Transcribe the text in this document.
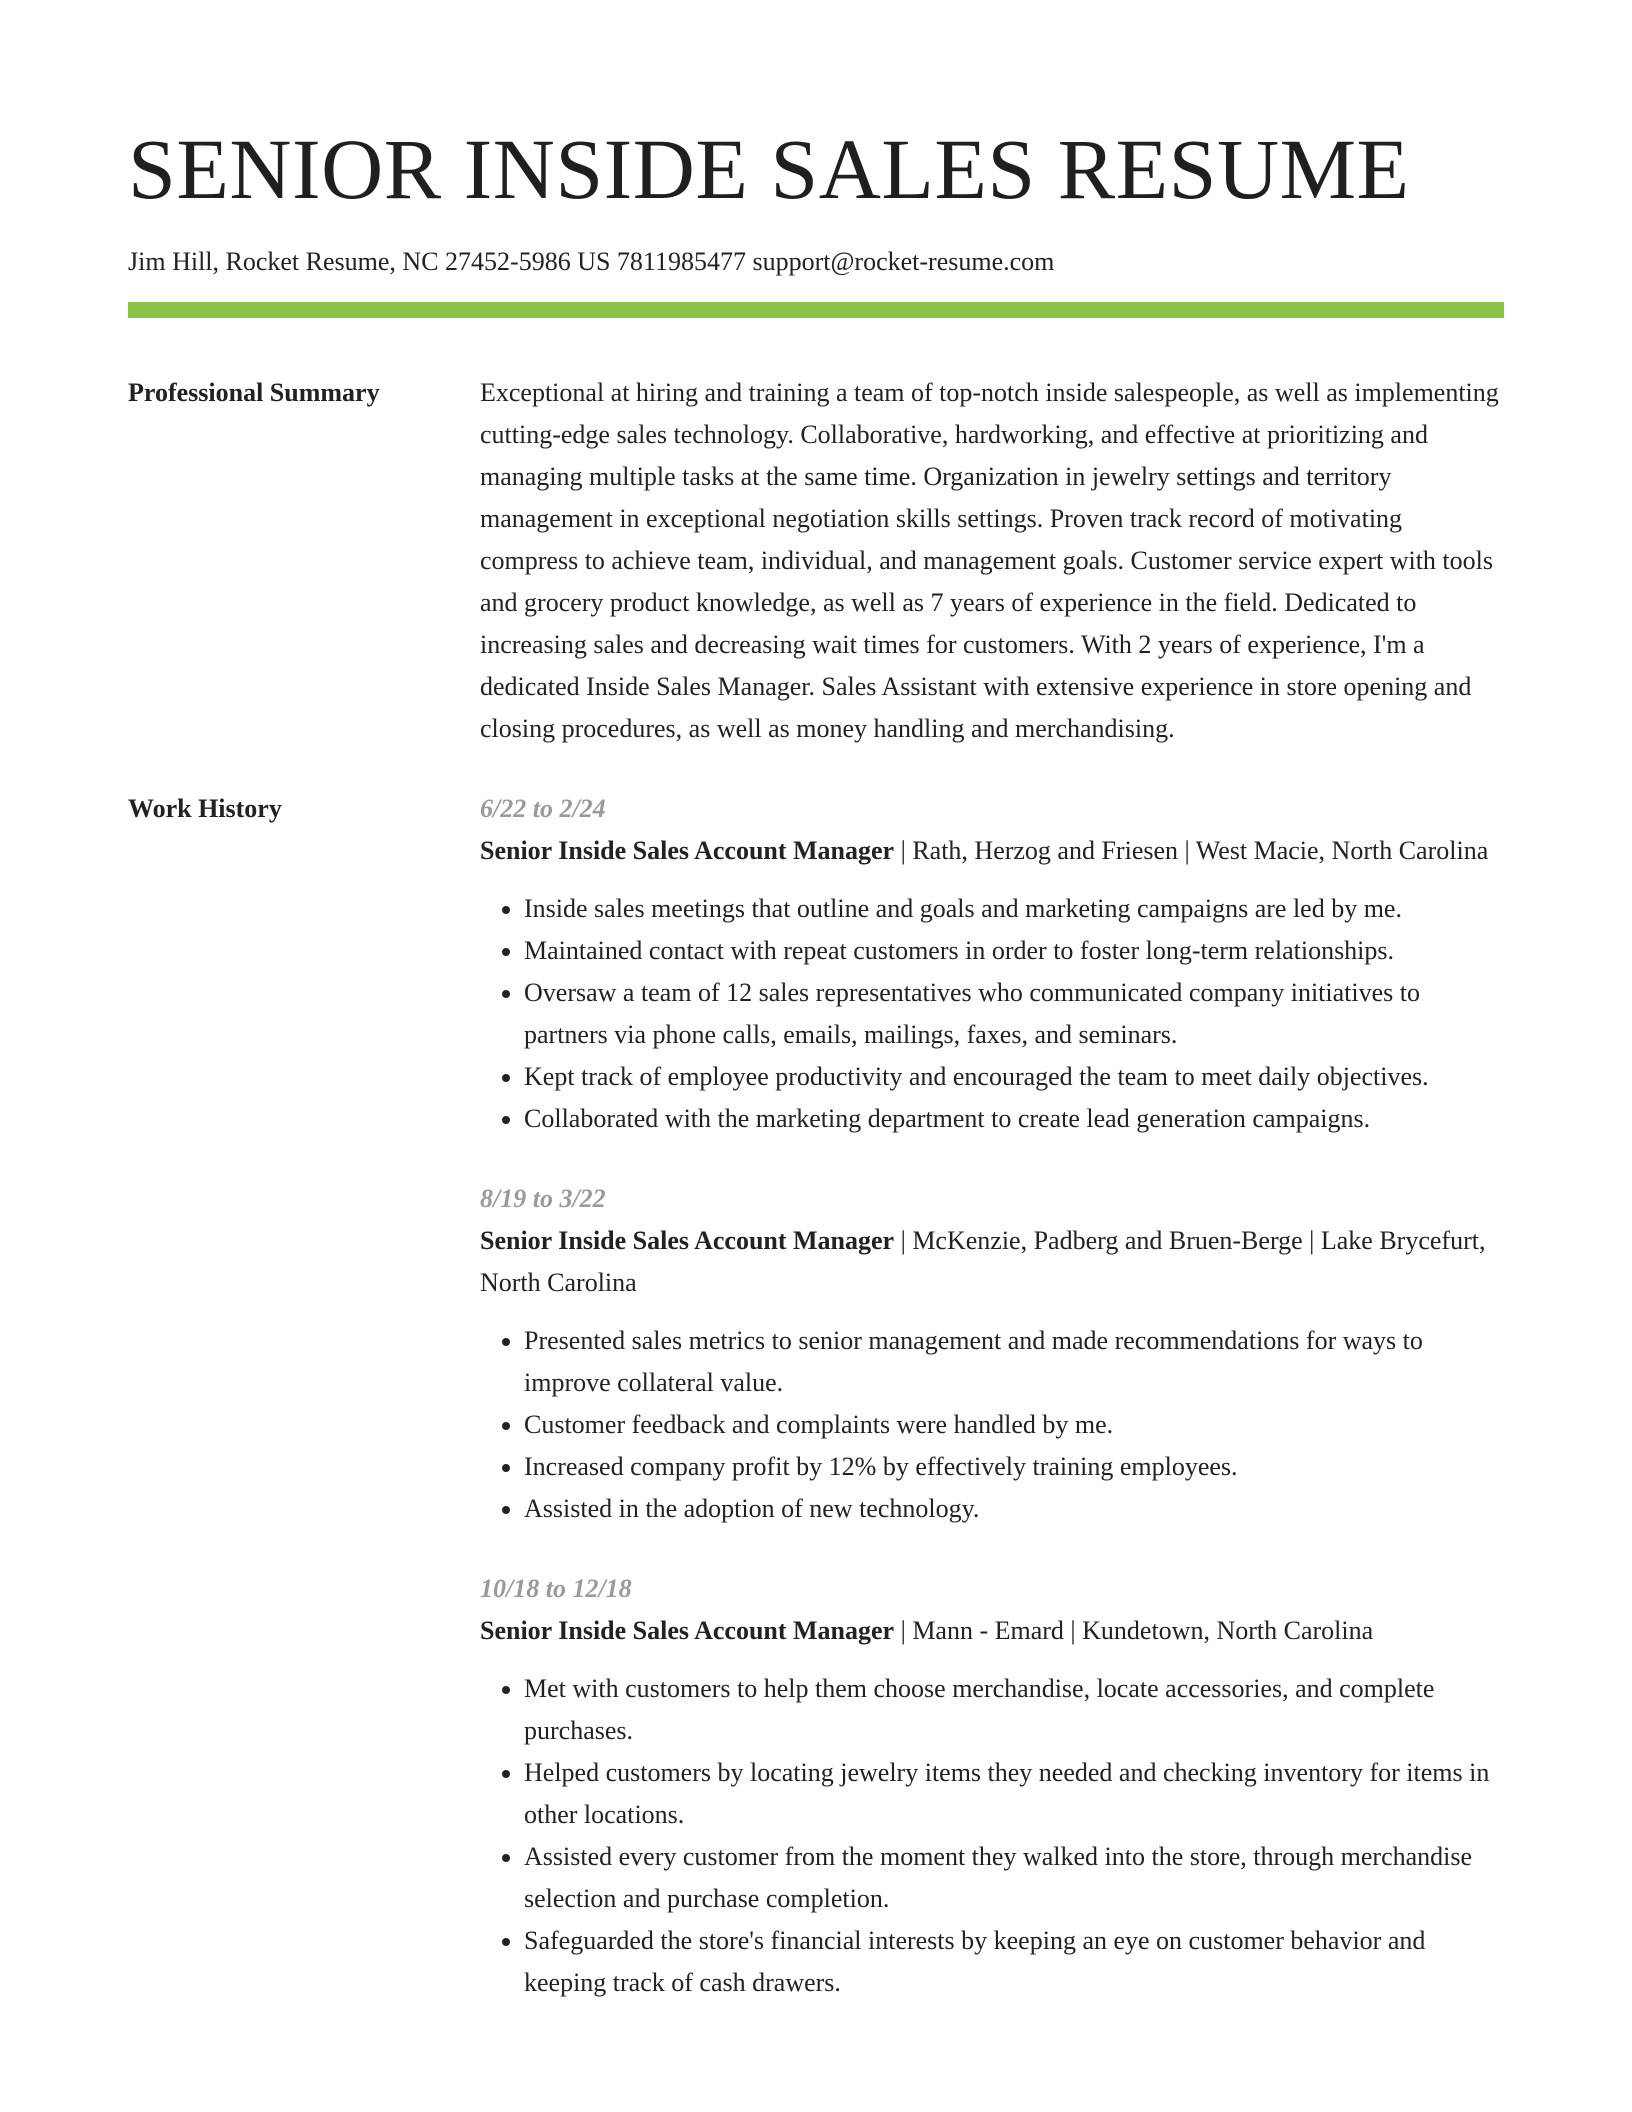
SENIOR INSIDE SALES RESUME
Jim Hill, Rocket Resume, NC 27452-5986 US 7811985477 support@rocket-resume.com
Professional Summary	Exceptional at hiring and training a team of top-notch inside salespeople, as well as implementing cutting-edge sales technology. Collaborative, hardworking, and effective at prioritizing and managing multiple tasks at the same time. Organization in jewelry settings and territory management in exceptional negotiation skills settings. Proven track record of motivating compress to achieve team, individual, and management goals. Customer service expert with tools and grocery product knowledge, as well as 7 years of experience in the field. Dedicated to increasing sales and decreasing wait times for customers. With 2 years of experience, I'm a dedicated Inside Sales Manager. Sales Assistant with extensive experience in store opening and closing procedures, as well as money handling and merchandising.

Work History	6/22 to 2/24
Senior Inside Sales Account Manager | Rath, Herzog and Friesen | West Macie, North Carolina
• Inside sales meetings that outline and goals and marketing campaigns are led by me.
• Maintained contact with repeat customers in order to foster long-term relationships.
• Oversaw a team of 12 sales representatives who communicated company initiatives to partners via phone calls, emails, mailings, faxes, and seminars.
• Kept track of employee productivity and encouraged the team to meet daily objectives.
• Collaborated with the marketing department to create lead generation campaigns.
8/19 to 3/22
Senior Inside Sales Account Manager | McKenzie, Padberg and Bruen-Berge | Lake Brycefurt, North Carolina
• Presented sales metrics to senior management and made recommendations for ways to improve collateral value.
• Customer feedback and complaints were handled by me.
• Increased company profit by 12% by effectively training employees.
• Assisted in the adoption of new technology.
10/18 to 12/18
Senior Inside Sales Account Manager | Mann - Emard | Kundetown, North Carolina
• Met with customers to help them choose merchandise, locate accessories, and complete purchases.
• Helped customers by locating jewelry items they needed and checking inventory for items in other locations.
• Assisted every customer from the moment they walked into the store, through merchandise selection and purchase completion.
• Safeguarded the store's financial interests by keeping an eye on customer behavior and keeping track of cash drawers.
